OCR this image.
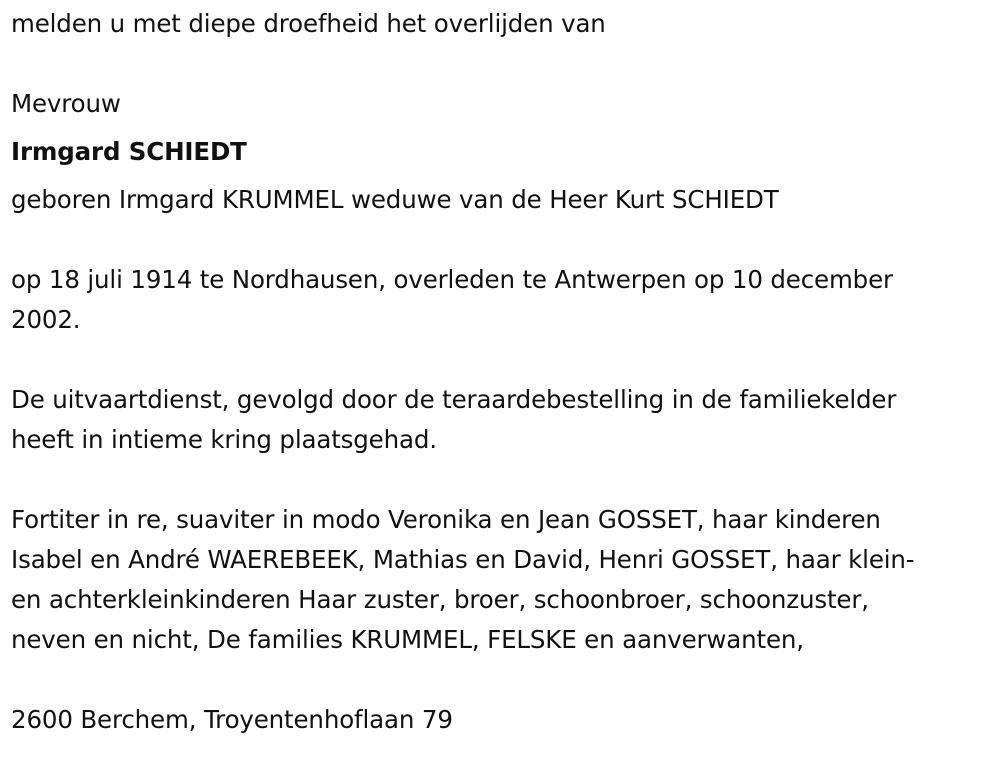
melden u met diepe droefheid het overlijden van
Mevrouw
Irmgard SCHIEDT
geboren Irmgard KRUMMEL weduwe van de Heer Kurt SCHIEDT
op 18 juli 1914 te Nordhausen, overleden te Antwerpen op 10 december
2002.
De uitvaartdienst, gevolgd door de teraardebestelling in de familiekelder
heeft in intieme kring plaatsgehad.
Fortiter in re, suaviter in modo Veronika en Jean GOSSET, haar kinderen
Isabel en André WAEREBEEK, Mathias en David, Henri GOSSET, haar klein-
en achterkleinkinderen Haar zuster, broer, schoonbroer, schoonzuster,
neven en nicht, De families KRUMMEL, FELSKE en aanverwanten,
2600 Berchem, Troyentenhoflaan 79
